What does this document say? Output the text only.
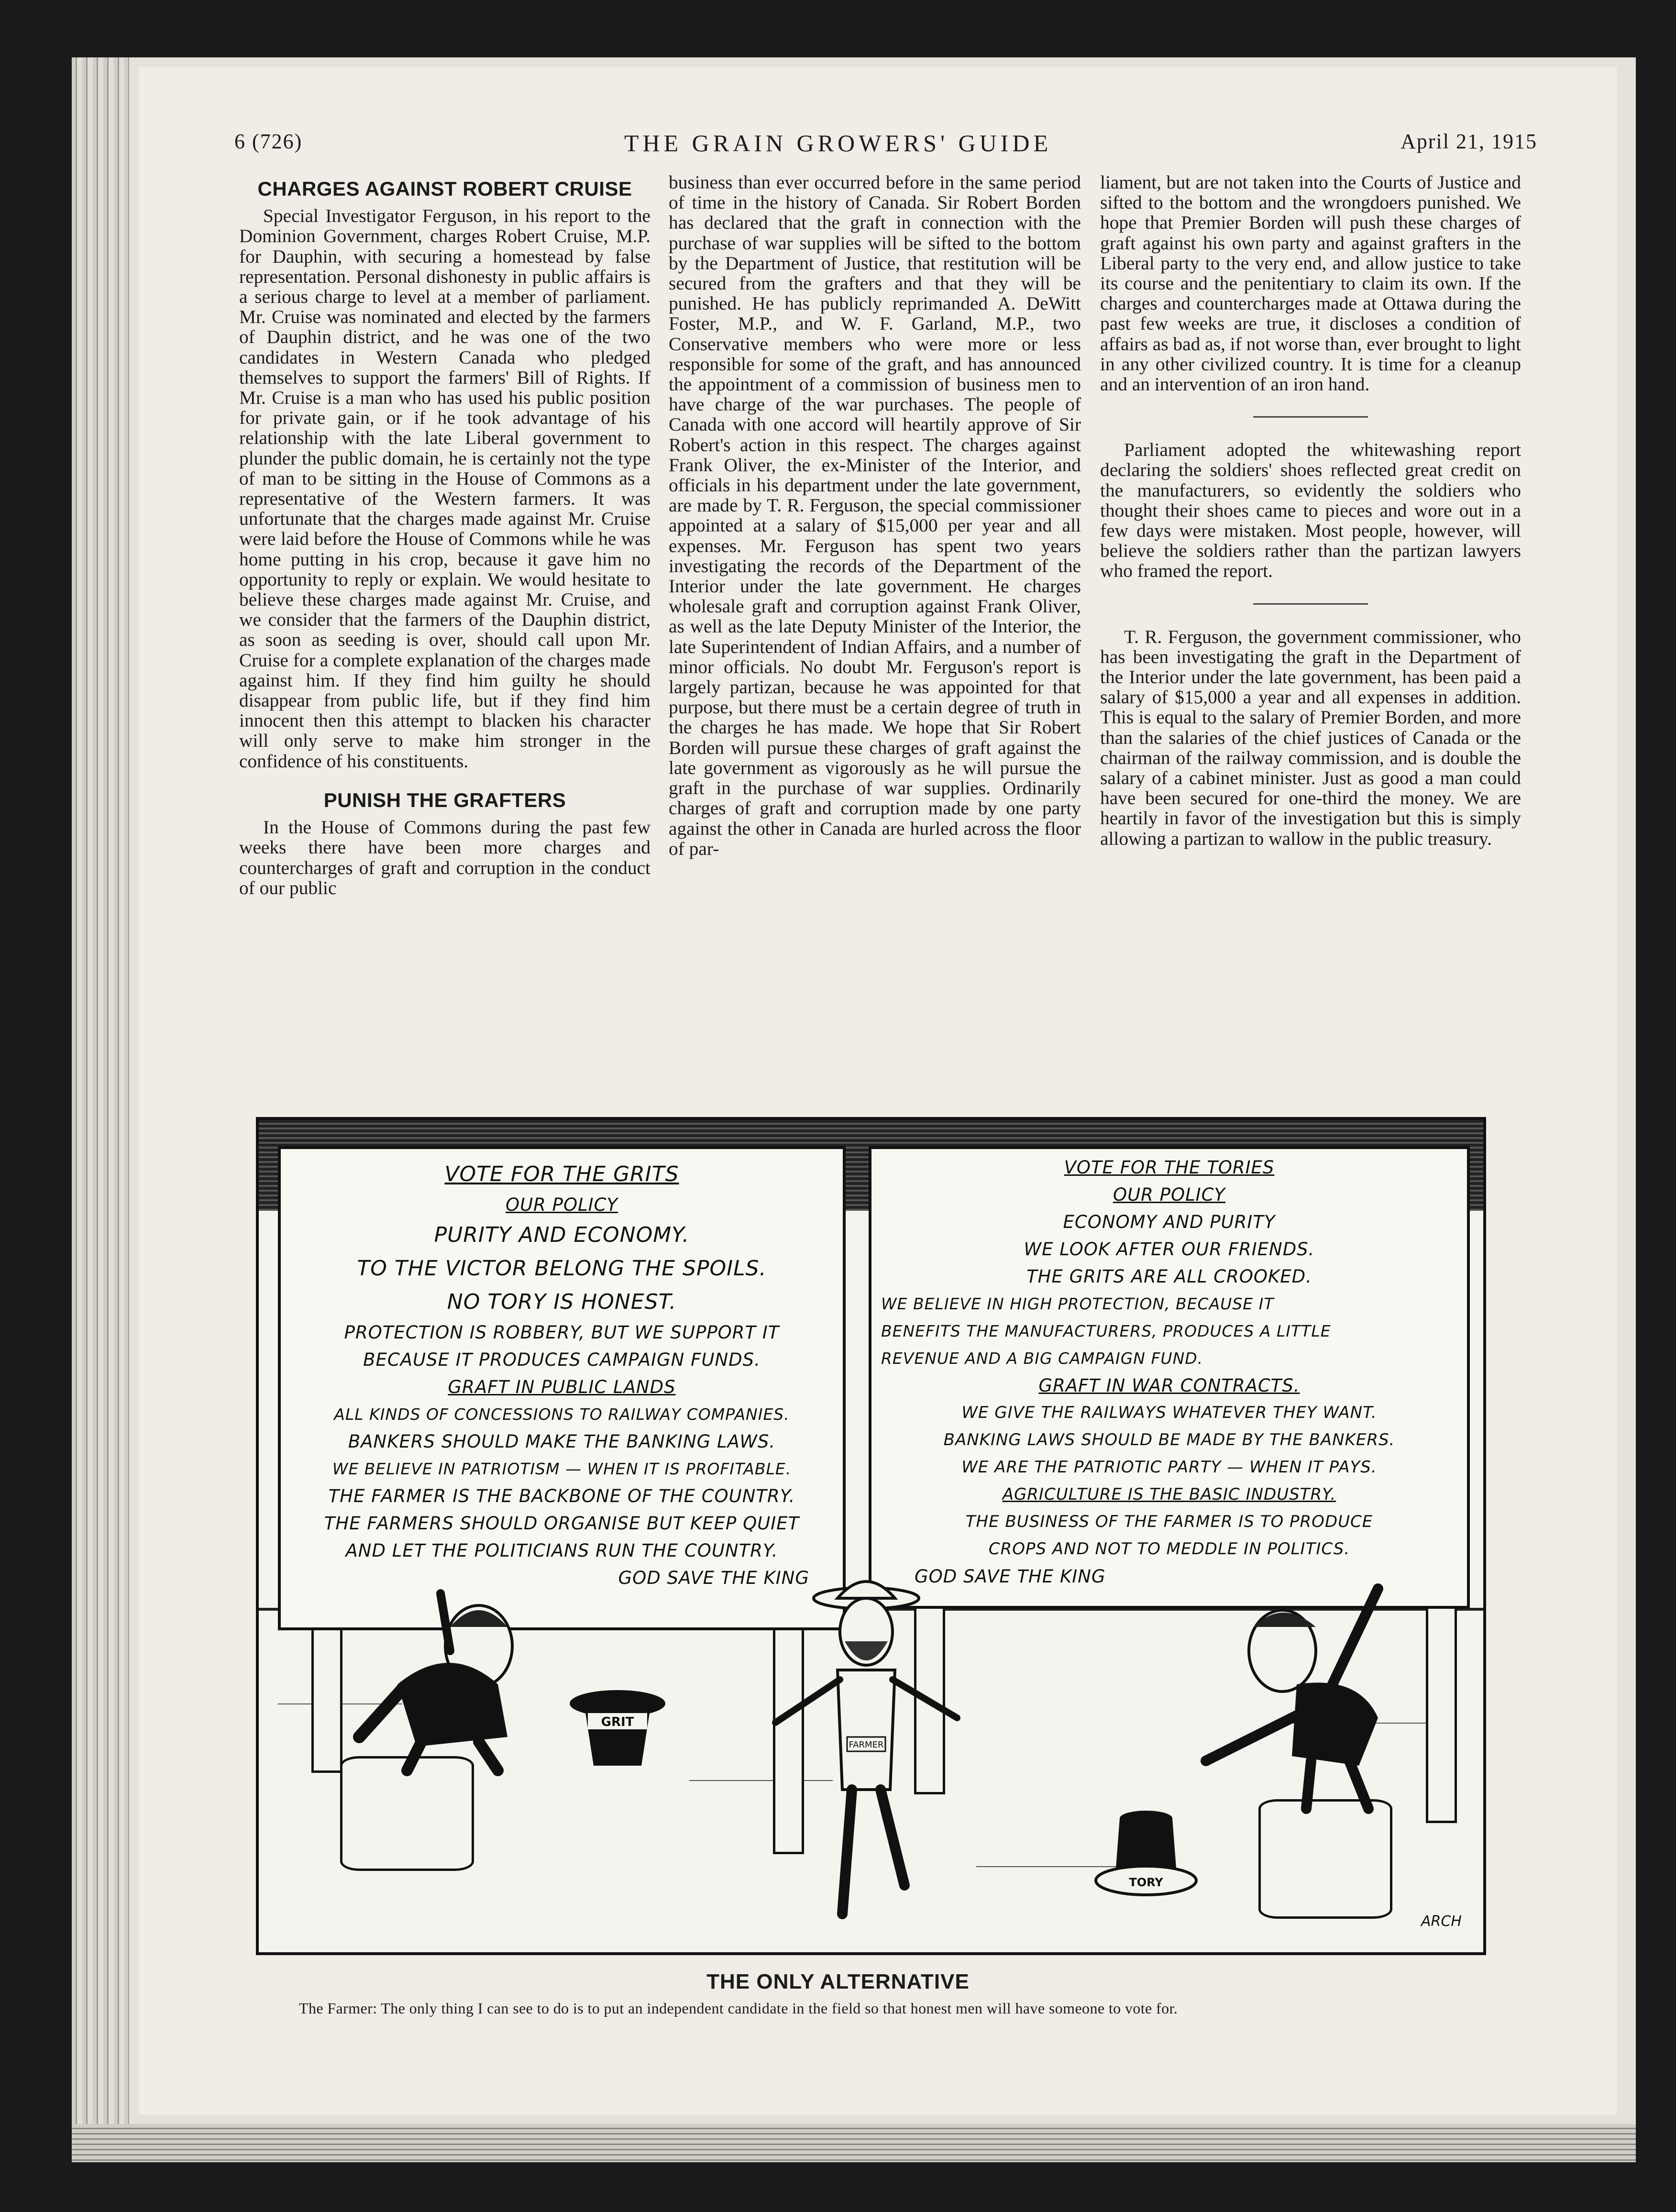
6 (726)	THE GRAIN GROWERS' GUIDE	April 21, 1915
CHARGES AGAINST ROBERT CRUISE

Special Investigator Ferguson, in his report to the Dominion Government, charges Robert Cruise, M.P. for Dauphin, with securing a homestead by false representation. Personal dishonesty in public affairs is a serious charge to level at a member of parliament. Mr. Cruise was nominated and elected by the farmers of Dauphin district, and he was one of the two candidates in Western Canada who pledged themselves to support the farmers' Bill of Rights. If Mr. Cruise is a man who has used his public position for private gain, or if he took advantage of his relationship with the late Liberal government to plunder the public domain, he is certainly not the type of man to be sitting in the House of Commons as a representative of the Western farmers. It was unfortunate that the charges made against Mr. Cruise were laid before the House of Commons while he was home putting in his crop, because it gave him no opportunity to reply or explain. We would hesitate to believe these charges made against Mr. Cruise, and we consider that the farmers of the Dauphin district, as soon as seeding is over, should call upon Mr. Cruise for a complete explanation of the charges made against him. If they find him guilty he should disappear from public life, but if they find him innocent then this attempt to blacken his character will only serve to make him stronger in the confidence of his constituents.

PUNISH THE GRAFTERS

In the House of Commons during the past few weeks there have been more charges and countercharges of graft and corruption in the conduct of our public

business than ever occurred before in the same period of time in the history of Canada. Sir Robert Borden has declared that the graft in connection with the purchase of war supplies will be sifted to the bottom by the Department of Justice, that restitution will be secured from the grafters and that they will be punished. He has publicly reprimanded A. DeWitt Foster, M.P., and W. F. Garland, M.P., two Conservative members who were more or less responsible for some of the graft, and has announced the appointment of a commission of business men to have charge of the war purchases. The people of Canada with one accord will heartily approve of Sir Robert's action in this respect. The charges against Frank Oliver, the ex-Minister of the Interior, and officials in his department under the late government, are made by T. R. Ferguson, the special commissioner appointed at a salary of $15,000 per year and all expenses. Mr. Ferguson has spent two years investigating the records of the Department of the Interior under the late government. He charges wholesale graft and corruption against Frank Oliver, as well as the late Deputy Minister of the Interior, the late Superintendent of Indian Affairs, and a number of minor officials. No doubt Mr. Ferguson's report is largely partizan, because he was appointed for that purpose, but there must be a certain degree of truth in the charges he has made. We hope that Sir Robert Borden will pursue these charges of graft against the late government as vigorously as he will pursue the graft in the purchase of war supplies. Ordinarily charges of graft and corruption made by one party against the other in Canada are hurled across the floor of par-

liament, but are not taken into the Courts of Justice and sifted to the bottom and the wrongdoers punished. We hope that Premier Borden will push these charges of graft against his own party and against grafters in the Liberal party to the very end, and allow justice to take its course and the penitentiary to claim its own. If the charges and countercharges made at Ottawa during the past few weeks are true, it discloses a condition of affairs as bad as, if not worse than, ever brought to light in any other civilized country. It is time for a cleanup and an intervention of an iron hand.

Parliament adopted the whitewashing report declaring the soldiers' shoes reflected great credit on the manufacturers, so evidently the soldiers who thought their shoes came to pieces and wore out in a few days were mistaken. Most people, however, will believe the soldiers rather than the partizan lawyers who framed the report.

T. R. Ferguson, the government commissioner, who has been investigating the graft in the Department of the Interior under the late government, has been paid a salary of $15,000 a year and all expenses in addition. This is equal to the salary of Premier Borden, and more than the salaries of the chief justices of Canada or the chairman of the railway commission, and is double the salary of a cabinet minister. Just as good a man could have been secured for one-third the money. We are heartily in favor of the investigation but this is simply allowing a partizan to wallow in the public treasury.

VOTE FOR THE GRITS
OUR POLICY
PURITY AND ECONOMY.
TO THE VICTOR BELONG THE SPOILS.
NO TORY IS HONEST.
PROTECTION IS ROBBERY, BUT WE SUPPORT IT
BECAUSE IT PRODUCES CAMPAIGN FUNDS.
GRAFT IN PUBLIC LANDS
ALL KINDS OF CONCESSIONS TO RAILWAY COMPANIES.
BANKERS SHOULD MAKE THE BANKING LAWS.
WE BELIEVE IN PATRIOTISM — WHEN IT IS PROFITABLE.
THE FARMER IS THE BACKBONE OF THE COUNTRY.
THE FARMERS SHOULD ORGANISE BUT KEEP QUIET
AND LET THE POLITICIANS RUN THE COUNTRY.
GOD SAVE THE KING
VOTE FOR THE TORIES
OUR POLICY
ECONOMY AND PURITY
WE LOOK AFTER OUR FRIENDS.
THE GRITS ARE ALL CROOKED.
WE BELIEVE IN HIGH PROTECTION, BECAUSE IT
BENEFITS THE MANUFACTURERS, PRODUCES A LITTLE
REVENUE AND A BIG CAMPAIGN FUND.
GRAFT IN WAR CONTRACTS.
WE GIVE THE RAILWAYS WHATEVER THEY WANT.
BANKING LAWS SHOULD BE MADE BY THE BANKERS.
WE ARE THE PATRIOTIC PARTY — WHEN IT PAYS.
AGRICULTURE IS THE BASIC INDUSTRY.
THE BUSINESS OF THE FARMER IS TO PRODUCE
CROPS AND NOT TO MEDDLE IN POLITICS.
GOD SAVE THE KING
GRIT
FARMER
TORY
ARCH
THE ONLY ALTERNATIVE
The Farmer: The only thing I can see to do is to put an independent candidate in the field so that honest men will have someone to vote for.
